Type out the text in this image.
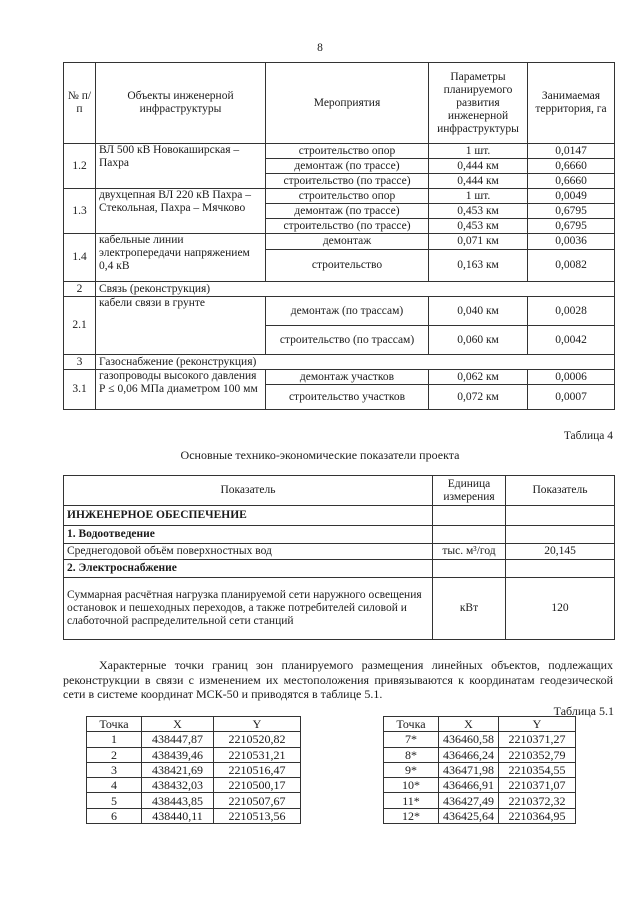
8
№ п/п	Объекты инженерной инфраструктуры	Мероприятия	Параметры планируемого развития инженерной инфраструктуры	Занимаемая территория, га
1.2	ВЛ 500 кВ Новокаширская – Пахра	строительство опор	1 шт.	0,0147
		демонтаж (по трассе)	0,444 км	0,6660
		строительство (по трассе)	0,444 км	0,6660
1.3	двухцепная ВЛ 220 кВ Пахра – Стекольная, Пахра – Мячково	строительство опор	1 шт.	0,0049
		демонтаж (по трассе)	0,453 км	0,6795
		строительство (по трассе)	0,453 км	0,6795
1.4	кабельные линии электропередачи напряжением 0,4 кВ	демонтаж	0,071 км	0,0036
		строительство	0,163 км	0,0082
2	Связь (реконструкция)			
2.1	кабели связи в грунте	демонтаж (по трассам)	0,040 км	0,0028
		строительство (по трассам)	0,060 км	0,0042
3	Газоснабжение (реконструкция)			
3.1	газопроводы высокого давления Р ≤ 0,06 МПа диаметром 100 мм	демонтаж участков	0,062 км	0,0006
		строительство участков	0,072 км	0,0007
Таблица 4
Основные технико-экономические показатели проекта
Показатель	Единица измерения	Показатель
ИНЖЕНЕРНОЕ ОБЕСПЕЧЕНИЕ		
1. Водоотведение		
Среднегодовой объём поверхностных вод	тыс. м³/год	20,145
2. Электроснабжение		
Суммарная расчётная нагрузка планируемой сети наружного освещения остановок и пешеходных переходов, а также потребителей силовой и слаботочной распределительной сети станций	кВт	120
Характерные точки границ зон планируемого размещения линейных объектов, подлежащих реконструкции в связи с изменением их местоположения привязываются к координатам геодезической сети в системе координат МСК-50 и приводятся в таблице 5.1.
Таблица 5.1
Точка	X	Y
1	438447,87	2210520,82
2	438439,46	2210531,21
3	438421,69	2210516,47
4	438432,03	2210500,17
5	438443,85	2210507,67
6	438440,11	2210513,56
Точка	X	Y
7*	436460,58	2210371,27
8*	436466,24	2210352,79
9*	436471,98	2210354,55
10*	436466,91	2210371,07
11*	436427,49	2210372,32
12*	436425,64	2210364,95
